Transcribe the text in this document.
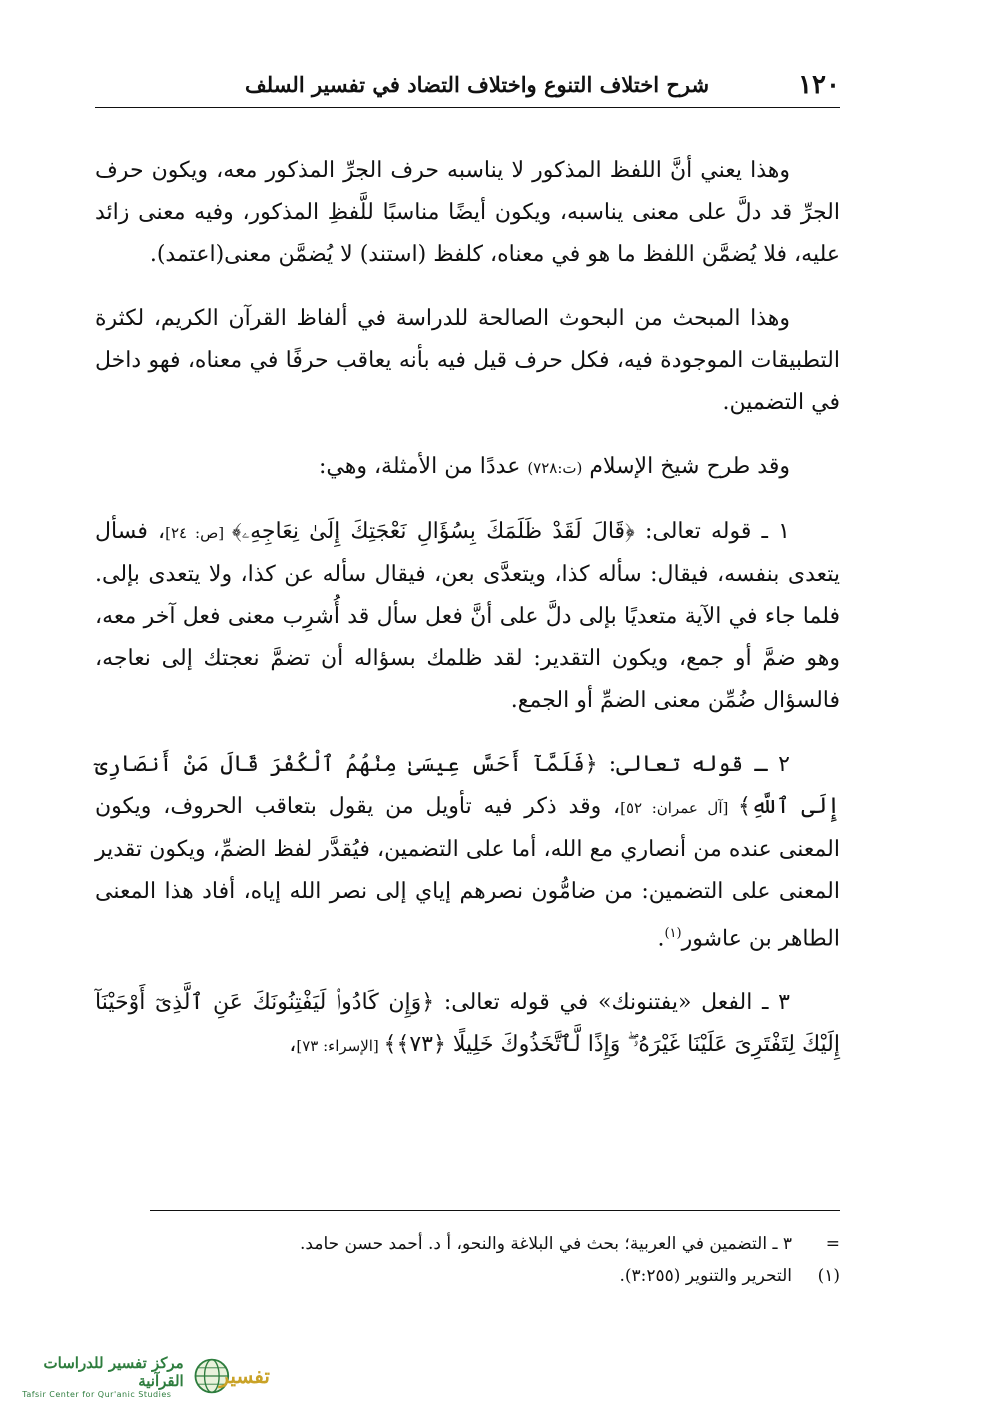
١٢٠
شرح اختلاف التنوع واختلاف التضاد في تفسير السلف

وهذا يعني أنَّ اللفظ المذكور لا يناسبه حرف الجرِّ المذكور معه، ويكون حرف الجرِّ قد دلَّ على معنى يناسبه، ويكون أيضًا مناسبًا للَّفظِ المذكور، وفيه معنى زائد عليه، فلا يُضمَّن اللفظ ما هو في معناه، كلفظ (استند) لا يُضمَّن معنى(اعتمد).

وهذا المبحث من البحوث الصالحة للدراسة في ألفاظ القرآن الكريم، لكثرة التطبيقات الموجودة فيه، فكل حرف قيل فيه بأنه يعاقب حرفًا في معناه، فهو داخل في التضمين.

وقد طرح شيخ الإسلام (ت:٧٢٨) عددًا من الأمثلة، وهي:

١ ـ قوله تعالى: ﴿قَالَ لَقَدْ ظَلَمَكَ بِسُؤَالِ نَعْجَتِكَ إِلَىٰ نِعَاجِهِۦ﴾ [ص: ٢٤]، فسأل يتعدى بنفسه، فيقال: سأله كذا، ويتعدَّى بعن، فيقال سأله عن كذا، ولا يتعدى بإلى. فلما جاء في الآية متعديًا بإلى دلَّ على أنَّ فعل سأل قد أُشرِب معنى فعل آخر معه، وهو ضمَّ أو جمع، ويكون التقدير: لقد ظلمك بسؤاله أن تضمَّ نعجتك إلى نعاجه، فالسؤال ضُمِّن معنى الضمِّ أو الجمع.

٢ ـ قوله تعالى: ﴿فَلَمَّآ أَحَسَّ عِيسَىٰ مِنْهُمُ ٱلْكُفْرَ قَالَ مَنْ أَنصَارِىٓ إِلَى ٱللَّهِ﴾ [آل عمران: ٥٢]، وقد ذكر فيه تأويل من يقول بتعاقب الحروف، ويكون المعنى عنده من أنصاري مع الله، أما على التضمين، فيُقدَّر لفظ الضمِّ، ويكون تقدير المعنى على التضمين: من ضامُّون نصرهم إياي إلى نصر الله إياه، أفاد هذا المعنى الطاهر بن عاشور$^{(١)}$.

٣ ـ الفعل «يفتنونك» في قوله تعالى: ﴿وَإِن كَادُوا۟ لَيَفْتِنُونَكَ عَنِ ٱلَّذِىٓ أَوْحَيْنَآ إِلَيْكَ لِتَفْتَرِىَ عَلَيْنَا غَيْرَهُۥ ۖ وَإِذًا لَّٱتَّخَذُوكَ خَلِيلًا ﴿٧٣﴾﴾ [الإسراء: ٧٣]،

=
٣ ـ التضمين في العربية؛ بحث في البلاغة والنحو، أ د. أحمد حسن حامد.
(١)
التحرير والتنوير (٣:٢٥٥).
مركز تفسير للدراسات القرآنية
Tafsir Center for Qur'anic Studies
تفسير
